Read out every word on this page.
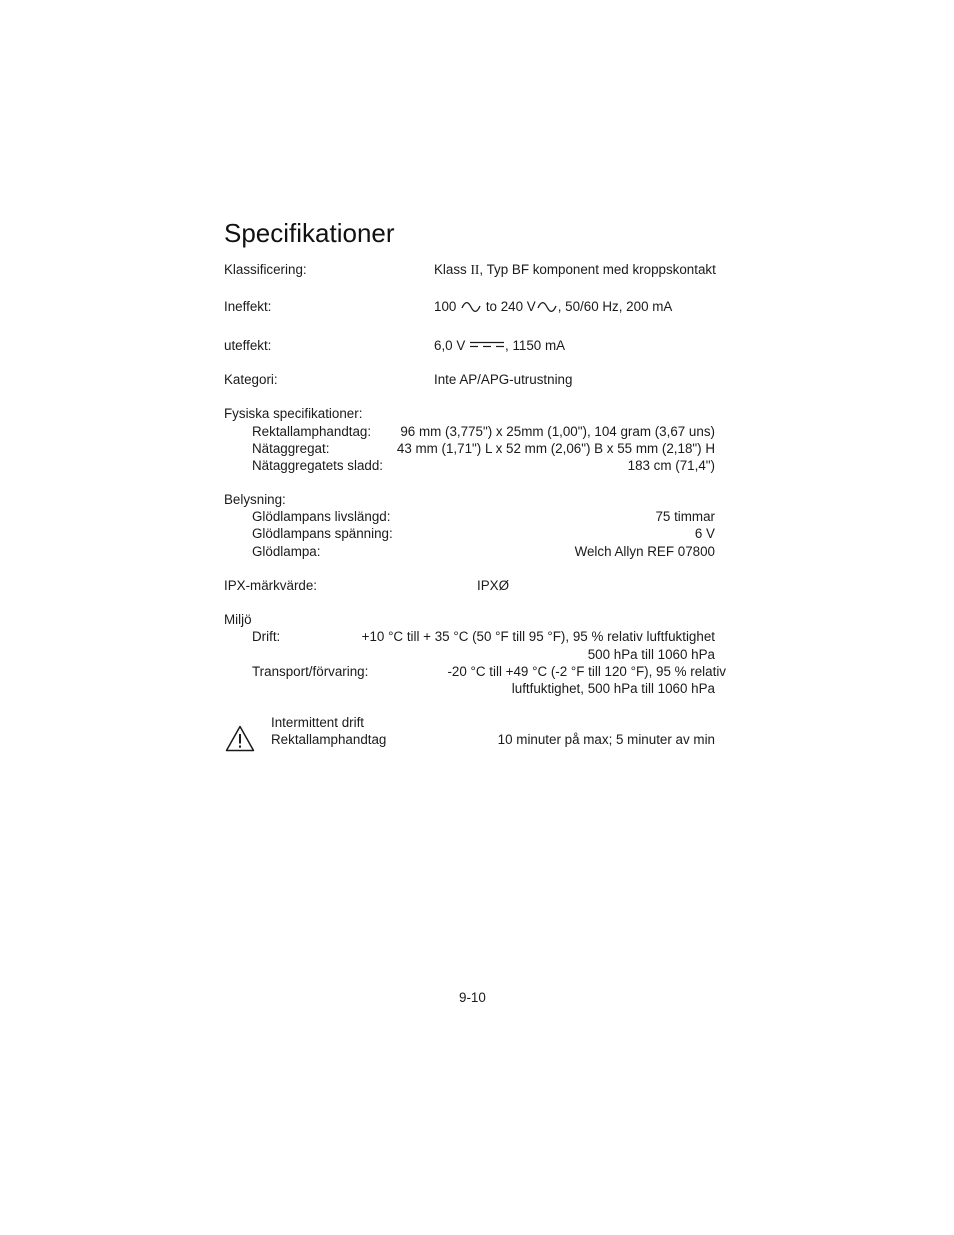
Specifikationer
Klassificering:	Klass II, Typ BF komponent med kroppskontakt
Ineffekt:	100 to 240 V , 50/60 Hz, 200 mA
uteffekt:	6,0 V	, 1150 mA
Kategori:	Inte AP/APG-utrustning
Fysiska specifikationer:
Rektallamphandtag: 96 mm (3,775") x 25mm (1,00"), 104 gram (3,67 uns)
Nätaggregat:	43 mm (1,71") L x 52 mm (2,06") B x 55 mm (2,18") H
Nätaggregatets sladd:	183 cm (71,4")
Belysning:
Glödlampans livslängd:	75 timmar
Glödlampans spänning:	6 V
Glödlampa:	Welch Allyn REF 07800
IPX-märkvärde:	IPXØ
Miljö
Drift:	+10 °C till + 35 °C (50 °F till 95 °F), 95 % relativ luftfuktighet
500 hPa till 1060 hPa
Transport/förvaring:	-20 °C till +49 °C (-2 °F till 120 °F), 95 % relativ
luftfuktighet, 500 hPa till 1060 hPa
Intermittent drift
Rektallamphandtag	10 minuter på max; 5 minuter av min
9-10
